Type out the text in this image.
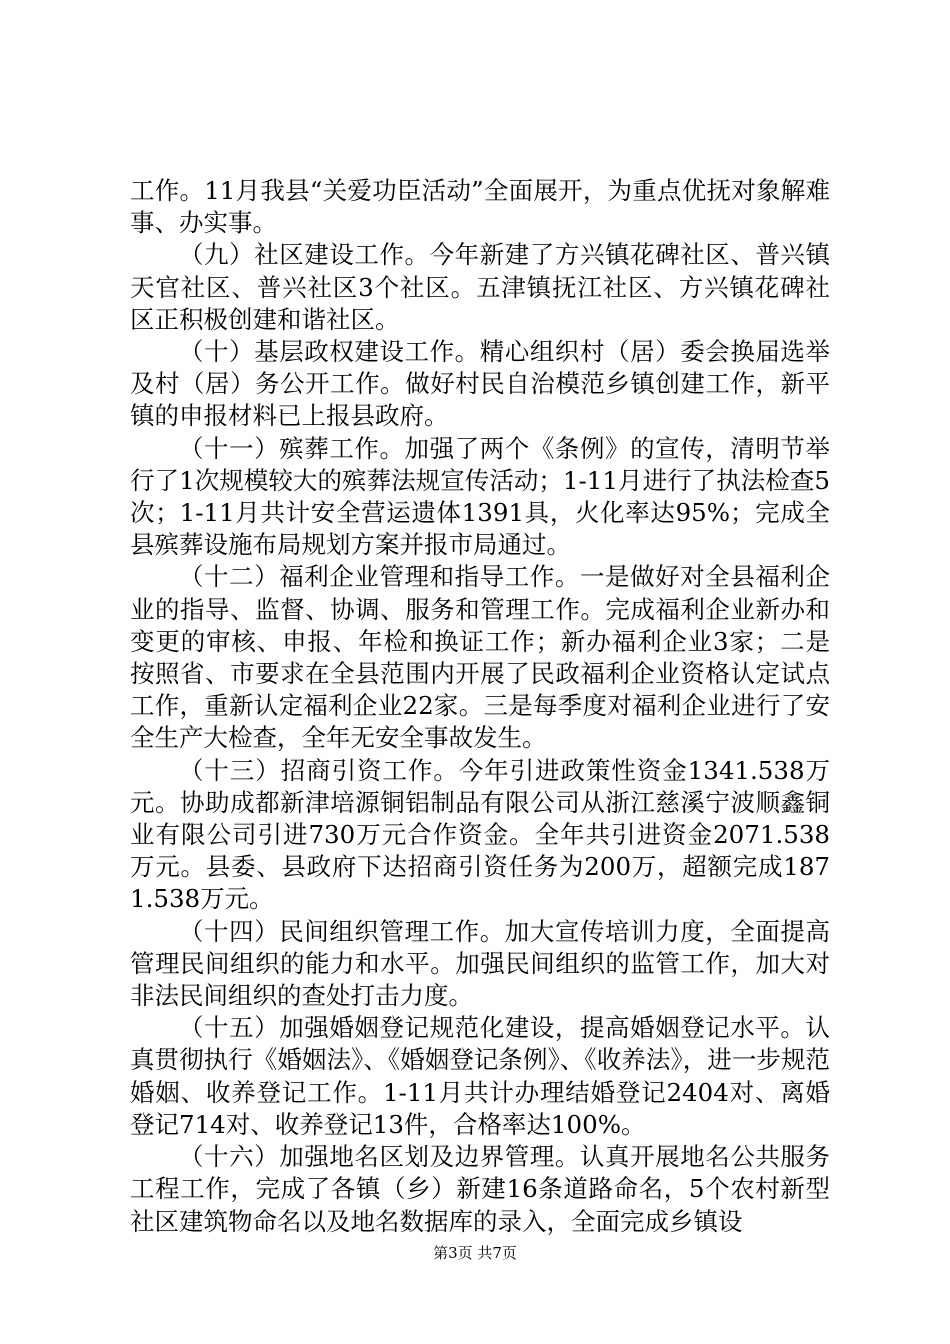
工作。11月我县“关爱功臣活动”全面展开，为重点优抚对象解难事、办实事。

（九）社区建设工作。今年新建了方兴镇花碑社区、普兴镇天官社区、普兴社区3个社区。五津镇抚江社区、方兴镇花碑社区正积极创建和谐社区。

（十）基层政权建设工作。精心组织村（居）委会换届选举及村（居）务公开工作。做好村民自治模范乡镇创建工作，新平镇的申报材料已上报县政府。

（十一）殡葬工作。加强了两个《条例》的宣传，清明节举行了1次规模较大的殡葬法规宣传活动；1-11月进行了执法检查5次；1-11月共计安全营运遗体1391具，火化率达95%；完成全县殡葬设施布局规划方案并报市局通过。

（十二）福利企业管理和指导工作。一是做好对全县福利企业的指导、监督、协调、服务和管理工作。完成福利企业新办和变更的审核、申报、年检和换证工作；新办福利企业3家；二是按照省、市要求在全县范围内开展了民政福利企业资格认定试点工作，重新认定福利企业22家。三是每季度对福利企业进行了安全生产大检查，全年无安全事故发生。

（十三）招商引资工作。今年引进政策性资金1341.538万元。协助成都新津培源铜铝制品有限公司从浙江慈溪宁波顺鑫铜业有限公司引进730万元合作资金。全年共引进资金2071.538万元。县委、县政府下达招商引资任务为200万，超额完成1871.538万元。

（十四）民间组织管理工作。加大宣传培训力度，全面提高管理民间组织的能力和水平。加强民间组织的监管工作，加大对非法民间组织的查处打击力度。

（十五）加强婚姻登记规范化建设，提高婚姻登记水平。认真贯彻执行《婚姻法》、《婚姻登记条例》、《收养法》，进一步规范婚姻、收养登记工作。1-11月共计办理结婚登记2404对、离婚登记714对、收养登记13件，合格率达100%。

（十六）加强地名区划及边界管理。认真开展地名公共服务工程工作，完成了各镇（乡）新建16条道路命名，5个农村新型社区建筑物命名以及地名数据库的录入，全面完成乡镇设

第3页 共7页
